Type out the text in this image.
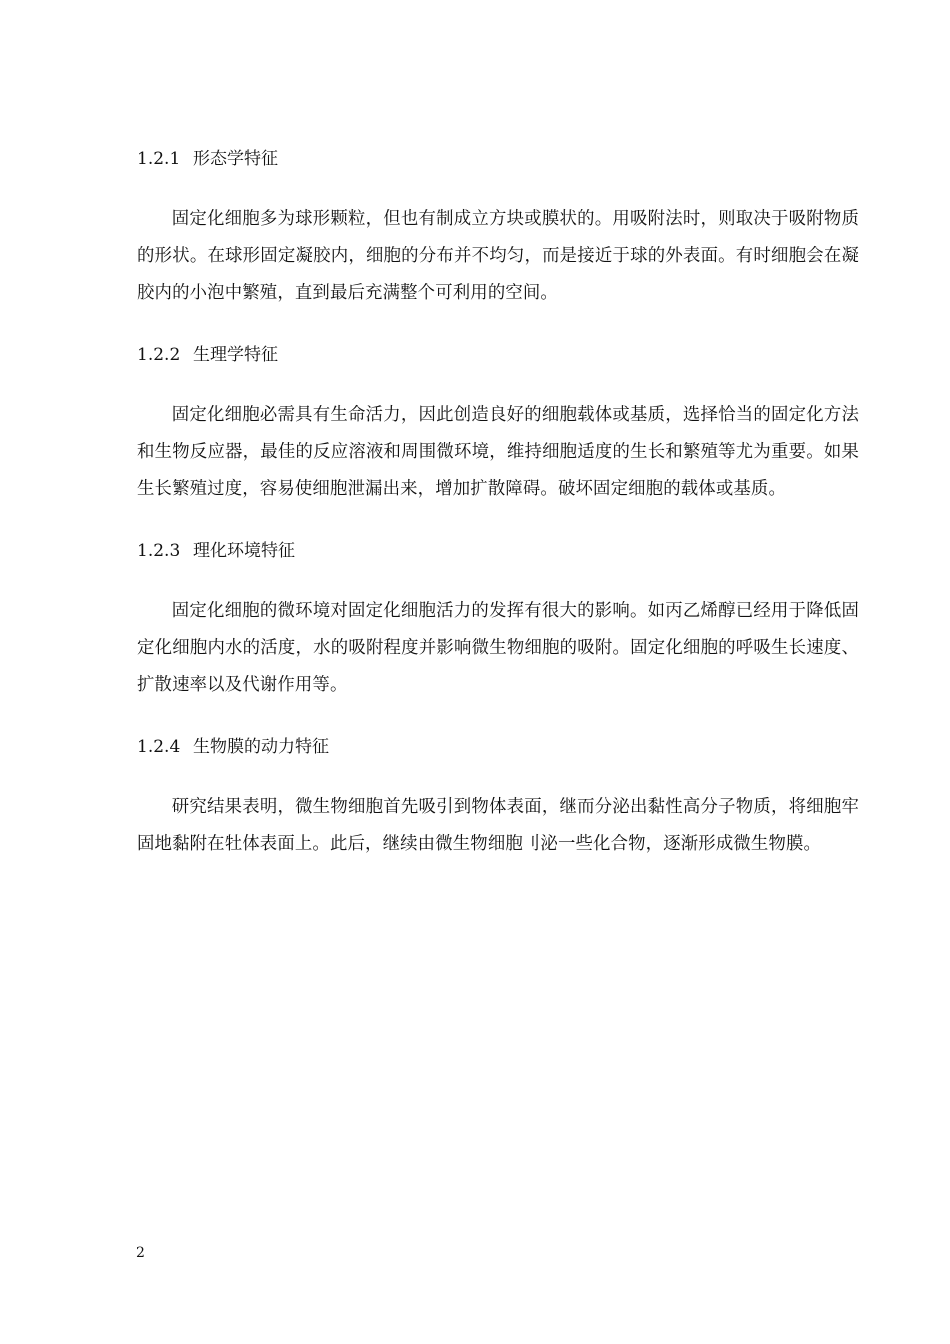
1.2.1 形态学特征

固定化细胞多为球形颗粒，但也有制成立方块或膜状的。用吸附法时，则取决于吸附物质的形状。在球形固定凝胶内，细胞的分布并不均匀，而是接近于球的外表面。有时细胞会在凝胶内的小泡中繁殖，直到最后充满整个可利用的空间。

1.2.2 生理学特征

固定化细胞必需具有生命活力，因此创造良好的细胞载体或基质，选择恰当的固定化方法和生物反应器，最佳的反应溶液和周围微环境，维持细胞适度的生长和繁殖等尤为重要。如果生长繁殖过度，容易使细胞泄漏出来，增加扩散障碍。破坏固定细胞的载体或基质。

1.2.3 理化环境特征

固定化细胞的微环境对固定化细胞活力的发挥有很大的影响。如丙乙烯醇已经用于降低固定化细胞内水的活度，水的吸附程度并影响微生物细胞的吸附。固定化细胞的呼吸生长速度、扩散速率以及代谢作用等。

1.2.4 生物膜的动力特征

研究结果表明，微生物细胞首先吸引到物体表面，继而分泌出黏性高分子物质，将细胞牢固地黏附在牡体表面上。此后，继续由微生物细胞刂泌一些化合物，逐渐形成微生物膜。

2
